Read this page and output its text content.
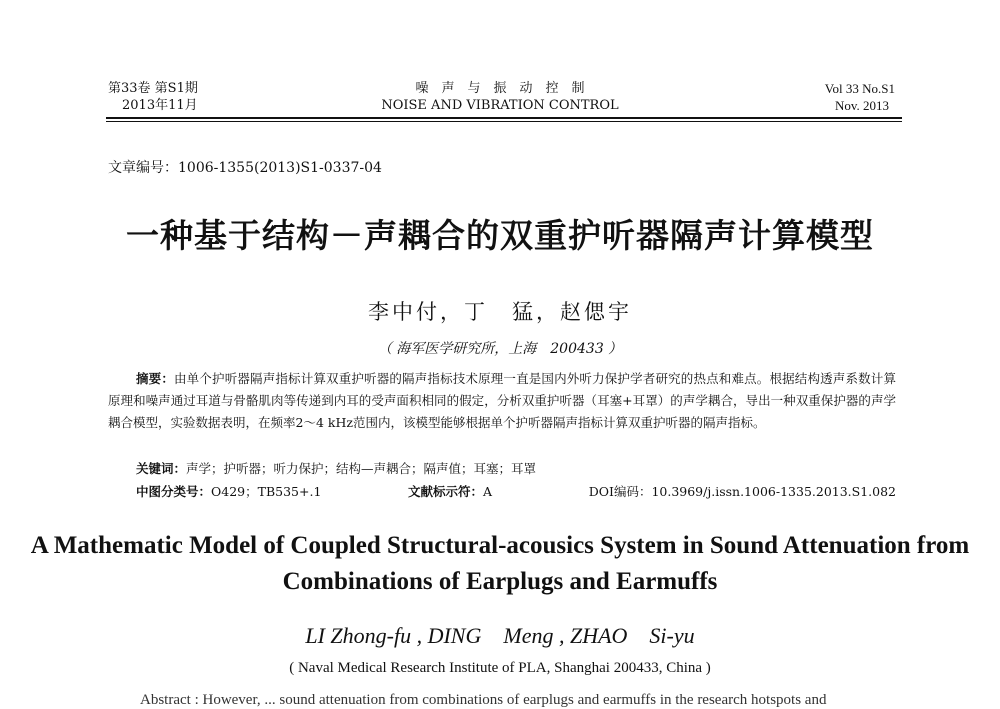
第33卷 第S1期
2013年11月
噪声与振动控制
NOISE AND VIBRATION CONTROL
Vol 33 No.S1
Nov. 2013
文章编号：1006-1355(2013)S1-0337-04
一种基于结构－声耦合的双重护听器隔声计算模型
李中付，丁　猛，赵偲宇
（ 海军医学研究所，上海　200433 ）

摘要：由单个护听器隔声指标计算双重护听器的隔声指标技术原理一直是国内外听力保护学者研究的热点和难点。根据结构透声系数计算原理和噪声通过耳道与骨骼肌肉等传递到内耳的受声面积相同的假定，分析双重护听器（耳塞+耳罩）的声学耦合，导出一种双重保护器的声学耦合模型，实验数据表明，在频率2～4 kHz范围内，该模型能够根据单个护听器隔声指标计算双重护听器的隔声指标。

关键词：声学；护听器；听力保护；结构—声耦合；隔声值；耳塞；耳罩
中图分类号：O429；TB535+.1	文献标示符：A	DOI编码：10.3969/j.issn.1006-1335.2013.S1.082
A Mathematic Model of Coupled Structural-acousics System in Sound Attenuation from Combinations of Earplugs and Earmuffs
LI Zhong-fu , DING　Meng , ZHAO　Si-yu
( Naval Medical Research Institute of PLA, Shanghai 200433, China )
Abstract : However, ... sound attenuation from combinations of earplugs and earmuffs in the research hotspots and
